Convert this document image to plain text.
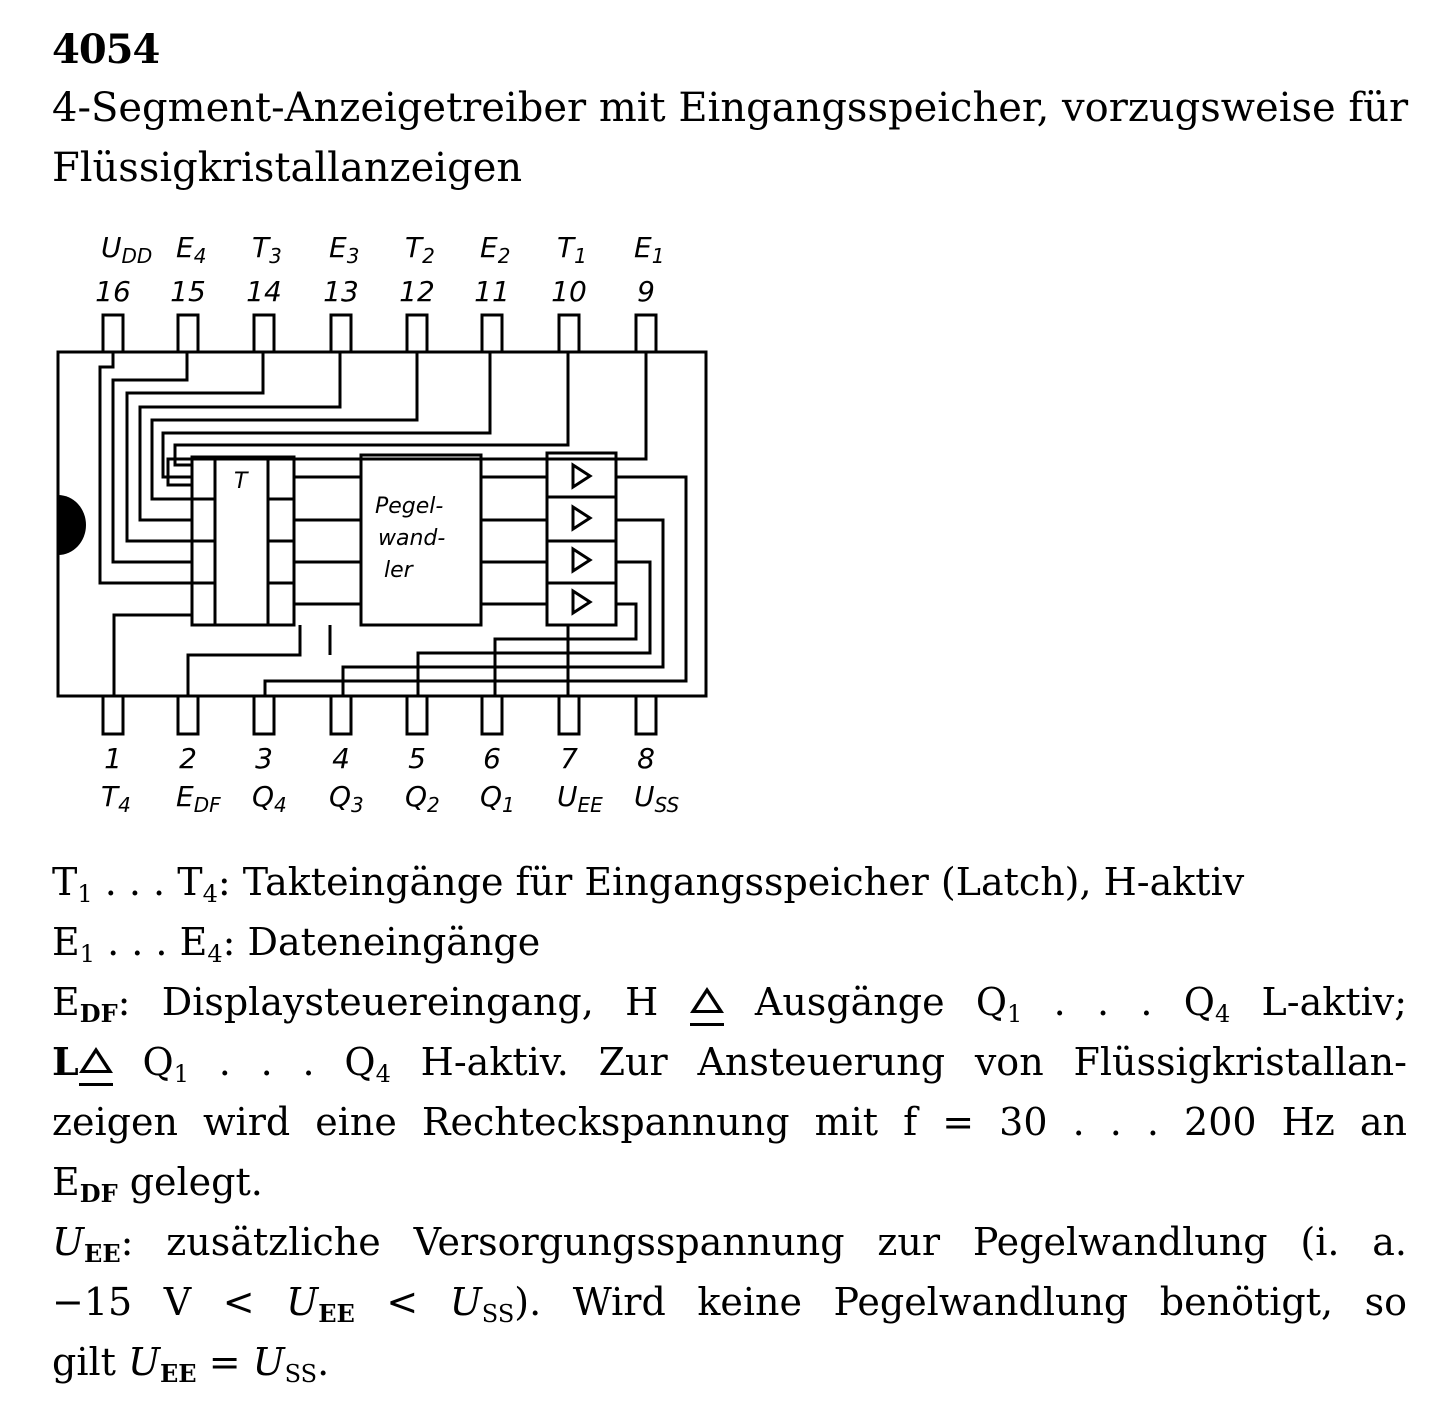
4054
4-Segment-Anzeigetreiber mit Eingangsspeicher, vorzugsweise für
Flüssigkristallanzeigen
T
Pegel-
wand-
ler
$U_{DD}$
16
$E_4$
15
$T_3$
14
$E_3$
13
$T_2$
12
$E_2$
11
$T_1$
10
$E_1$
9
$T_4$
1
$E_{DF}$
2
$Q_4$
3
$Q_3$
4
$Q_2$
5
$Q_1$
6
$U_{EE}$
7
$U_{SS}$
8

$T_1$ . . . $T_4$: Takteingänge für Eingangsspeicher (Latch), H-aktiv

$E_1$ . . . $E_4$: Dateneingänge

$E_{DF}$: Displaysteuereingang, H
Ausgänge $Q_1$ . . . $Q_4$ L-aktiv;

L
$Q_1$ . . . $Q_4$ H-aktiv. Zur Ansteuerung von Flüssigkristallan-

zeigen wird eine Rechteckspannung mit f = 30 . . . 200 Hz an

$E_{DF}$ gelegt.

$U_{EE}$: zusätzliche Versorgungsspannung zur Pegelwandlung (i. a.

−15 $V < U_{EE} < U_{SS}$). Wird keine Pegelwandlung benötigt, so

gilt $U_{EE} = U_{SS}$.
